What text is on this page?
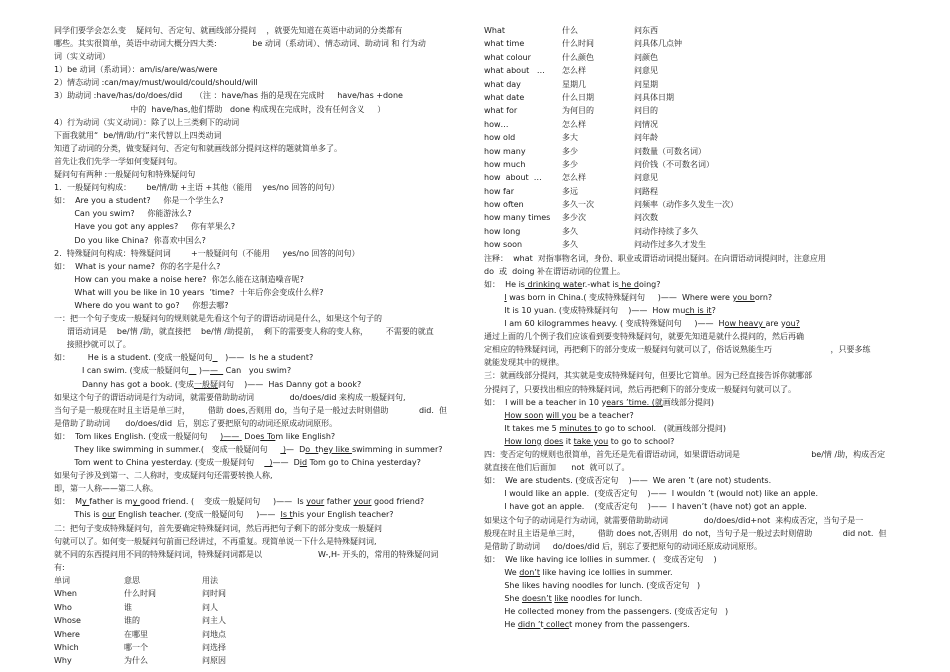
同学们要学会怎么变    疑问句、否定句、就画线部分提问    ，就要先知道在英语中动词的分类都有
哪些。其实很简单，英语中动词大概分四大类:              be 动词（系动词）、情态动词、助动词 和 行为动
词（实义动词）
1）be 动词（系动词）：am/is/are/was/were
2）情态动词 :can/may/must/would/could/should/will
3）助动词 :have/has/do/does/did     （注 ：have/has 指的是现在完成时     have/has +done
中的  have/has,他们帮助   done 构成现在完成时，没有任何含义     ）
4）行为动词（实义动词）：除了以上三类剩下的动词
下面我就用“  be/情/助/行”来代替以上四类动词
知道了动词的分类，做变疑问句、否定句和就画线部分提问这样的题就简单多了。
首先让我们先学一学如何变疑问句。
疑问句有两种 :一般疑问句和特殊疑问句
1．一般疑问句构成：      be/情/助 +主语 +其他（能用    yes/no 回答的问句）
如：  Are you a student?     你是一个学生么?
Can you swim?     你能游泳么?
Have you got any apples?     你有苹果么?
Do you like China?  你喜欢中国么?
2.  特殊疑问句构成：特殊疑问词        +一般疑问句（不能用     yes/no 回答的问句）
如：  What is your name?  你的名字是什么?
How can you make a noise here?  你怎么能在这制造噪音呢?
What will you be like in 10 years  ’time?  十年后你会变成什么样?
Where do you want to go?     你想去哪?
一：把一个句子变成一般疑问句的规则就是先看这个句子的谓语动词是什么，如果这个句子的
谓语动词是    be/情 /助，就直接把    be/情 /助提前，  剩下的需要变人称的变人称，       不需要的就直
接照抄就可以了。
如：       He is a student. (变成一般疑问句     )——  Is he a student?
I can swim. (变成一般疑问句    )——   Can   you swim?
Danny has got a book. (变成一般疑问句    )——  Has Danny got a book?
如果这个句子的谓语动词是行为动词，就需要借助助动词              do/does/did 来构成一般疑问句,
当句子是一般现在时且主语是单三时，       借助 does,否则用 do，当句子是一般过去时则借助            did.  但
是借助了助动词      do/does/did  后，别忘了要把原句的动词还原成动词原形。
如：  Tom likes English. (变成一般疑问句     )——  Does Tom like English?
They like swimming in summer.(   变成一般疑问句      )—  Do  they like swimming in summer?
Tom went to China yesterday. (变成一般疑问句      )——  Did Tom go to China yesterday?
如果句子涉及到第一、二人称时，变成疑问句还需要转换人称,
即，第一人称——第二人称。
如：  My father is my good friend. (    变成一般疑问句     )——  Is your father your good friend?
This is our English teacher. (变成一般疑问句     )——  Is this your English teacher?
二：把句子变成特殊疑问句，首先要确定特殊疑问词，然后再把句子剩下的部分变成一般疑问
句就可以了。如何变一般疑问句前面已经讲过，不再重复。现简单说一下什么是特殊疑问词,
就不同的东西提问用不同的特殊疑问词，特殊疑问词都是以                      W-,H- 开头的，常用的特殊疑问词
有:
单词	意思	用法
When	什么时间	问时间
Who	谁	问人
Whose	谁的	问主人
Where	在哪里	问地点
Which	哪一个	问选择
Why	为什么	问原因
What	什么	问东西
what time	什么时间	问具体几点钟
what colour	什么颜色	问颜色
what about   … 怎么样	问意见
what day	星期几	问星期
what date	什么日期	问具体日期
what for	为何目的	问目的
how…	怎么样	问情况
how old	多大	问年龄
how many	多少	问数量（可数名词）
how much	多少	问价钱（不可数名词）
how  about  …	怎么样	问意见
how far	多远	问路程
how often	多久一次	问频率（动作多久发生一次）
how many times 多少次	问次数
how long	多久	问动作持续了多久
how soon	多久	问动作过多久才发生
注释：  what  对指事物名词，身份、职业或谓语动词提出疑问。在向谓语动词提问时，注意应用
do  或  doing 补在谓语动词的位置上。
如：  He is drinking water.-what is he doing?
I was born in China.( 变成特殊疑问句     )——  Where were you born?
It is 10 yuan. (变成特殊疑问句    )——  How much is it?
I am 60 kilogrammes heavy. ( 变成特殊疑问句     )——  How heavy are you?
通过上面的几个例子我们应该看到要变特殊疑问句，就要先知道是就什么提问的，然后再确
定相应的特殊疑问词，再把剩下的部分变成一般疑问句就可以了，俗话说熟能生巧                       ，只要多练
就能发现其中的规律。
三：就画线部分提问，其实就是变成特殊疑问句，但要比它简单。因为已经直接告诉你就哪部
分提问了，只要找出相应的特殊疑问词，然后再把剩下的部分变成一般疑问句就可以了。
如：  I will be a teacher in 10 years ’time. (就画线部分提问)
How soon will you be a teacher?
It takes me 5 minutes to go to school.   (就画线部分提问)
How long does it take you to go to school?
四：变否定句的规则也很简单，首先还是先看谓语动词，如果谓语动词是                            be/情 /助，构成否定
就直接在他们后面加      not  就可以了。
如：  We are students. (变成否定句    )——  We aren ’t (are not) students.
I would like an apple.  (变成否定句    )——  I wouldn ’t (would not) like an apple.
I have got an apple.    (变成否定句    )——  I haven’t (have not) got an apple.
如果这个句子的动词是行为动词，就需要借助助动词              do/does/did+not  来构成否定，当句子是一
般现在时且主语是单三时，       借助 does not,否则用  do not，当句子是一般过去时则借助            did not.  但
是借助了助动词     do/does/did 后，别忘了要把原句的动词还原成动词原形。
如：  We like having ice lollies in summer. (   变成否定句    )
We don’t like having ice lollies in summer.
She likes having noodles for lunch. (变成否定句   )
She doesn’t like noodles for lunch.
He collected money from the passengers. (变成否定句   )
He didn ’t collect money from the passengers.
